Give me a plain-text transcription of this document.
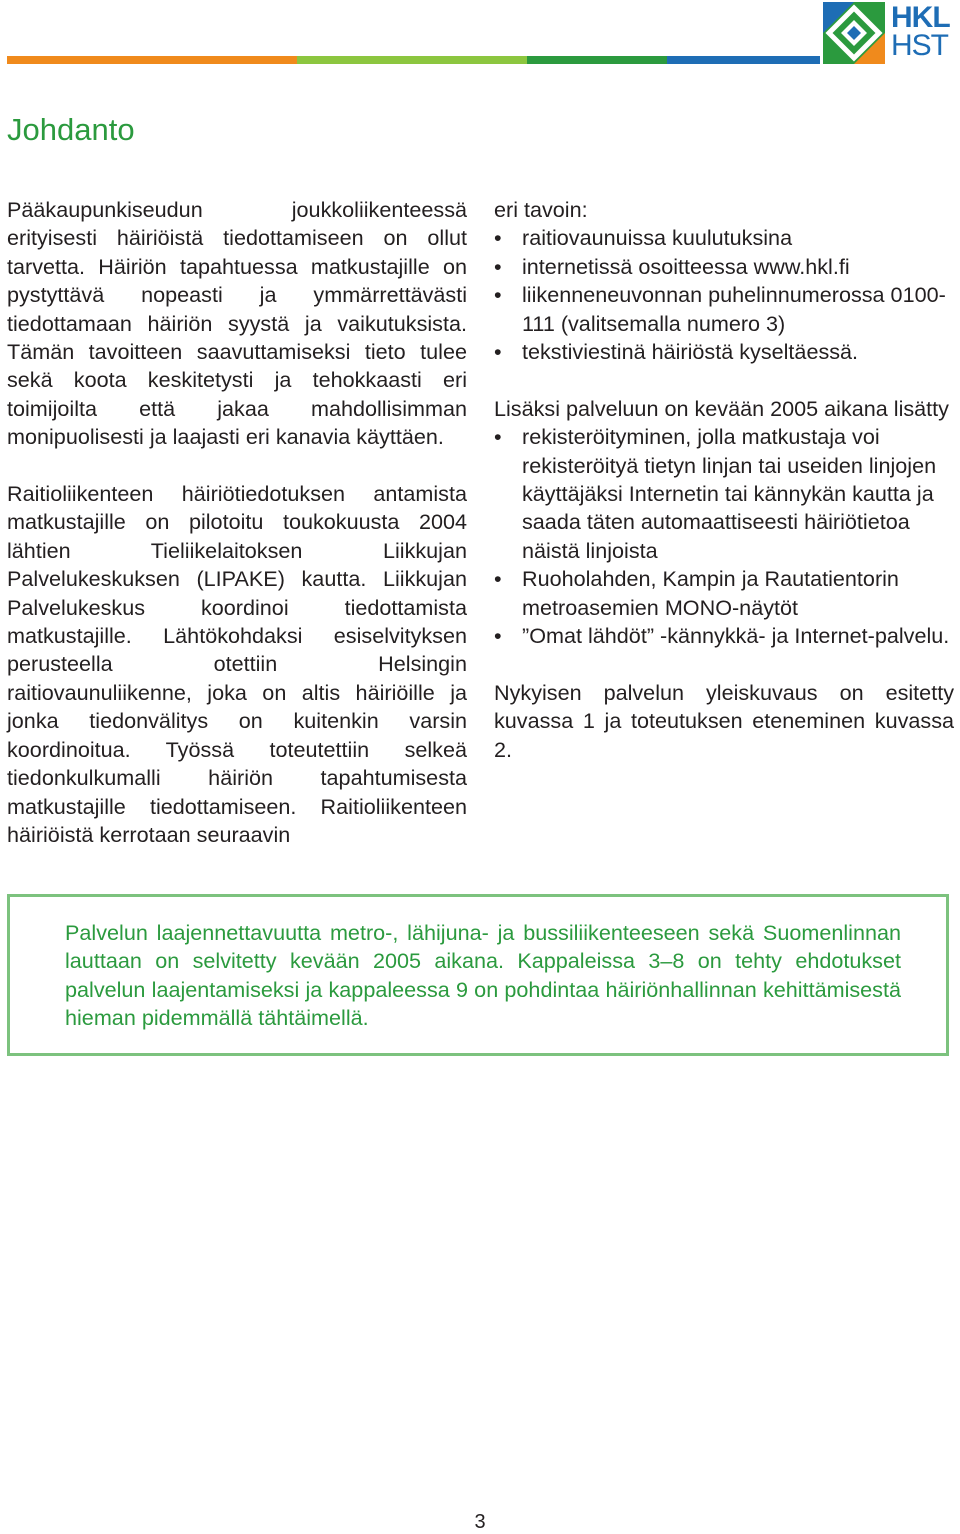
HKL
HST
Johdanto

Pääkaupunkiseudun joukkoliikenteessä erityisesti häiriöistä tiedottamiseen on ollut tarvetta. Häiriön tapahtuessa matkustajille on pystyttävä nopeasti ja ymmärrettävästi tiedottamaan häiriön syystä ja vaikutuksista. Tämän tavoitteen saavuttamiseksi tieto tulee sekä koota keskitetysti ja tehokkaasti eri toimijoilta että jakaa mahdollisimman monipuolisesti ja laajasti eri kanavia käyttäen.

Raitioliikenteen häiriötiedotuksen antamista matkustajille on pilotoitu toukokuusta 2004 lähtien Tieliikelaitoksen Liikkujan Palvelukeskuksen (LIPAKE) kautta. Liikkujan Palvelukeskus koordinoi tiedottamista matkustajille. Lähtökohdaksi esiselvityksen perusteella otettiin Helsingin raitiovaunuliikenne, joka on altis häiriöille ja jonka tiedonvälitys on kuitenkin varsin koordinoitua. Työssä toteutettiin selkeä tiedonkulkumalli häiriön tapahtumisesta matkustajille tiedottamiseen. Raitioliikenteen häiriöistä kerrotaan seuraavin

eri tavoin:

• raitiovaunuissa kuulutuksina
• internetissä osoitteessa www.hkl.fi
• liikenneneuvonnan puhelinnumerossa 0100-111 (valitsemalla numero 3)
• tekstiviestinä häiriöstä kyseltäessä.

Lisäksi palveluun on kevään 2005 aikana lisätty

• rekisteröityminen, jolla matkustaja voi rekisteröityä tietyn linjan tai useiden linjojen käyttäjäksi Internetin tai kännykän kautta ja saada täten automaattiseesti häiriötietoa näistä linjoista
• Ruoholahden, Kampin ja Rautatientorin metroasemien MONO-näytöt
• ”Omat lähdöt” -kännykkä- ja Internet-palvelu.

Nykyisen palvelun yleiskuvaus on esitetty kuvassa 1 ja toteutuksen eteneminen kuvassa 2.

Palvelun laajennettavuutta metro-, lähijuna- ja bussiliikenteeseen sekä Suomenlinnan lauttaan on selvitetty kevään 2005 aikana. Kappaleissa 3–8 on tehty ehdotukset palvelun laajentamiseksi ja kappaleessa 9 on pohdintaa häiriönhallinnan kehittämisestä hieman pidemmällä tähtäimellä.

3
